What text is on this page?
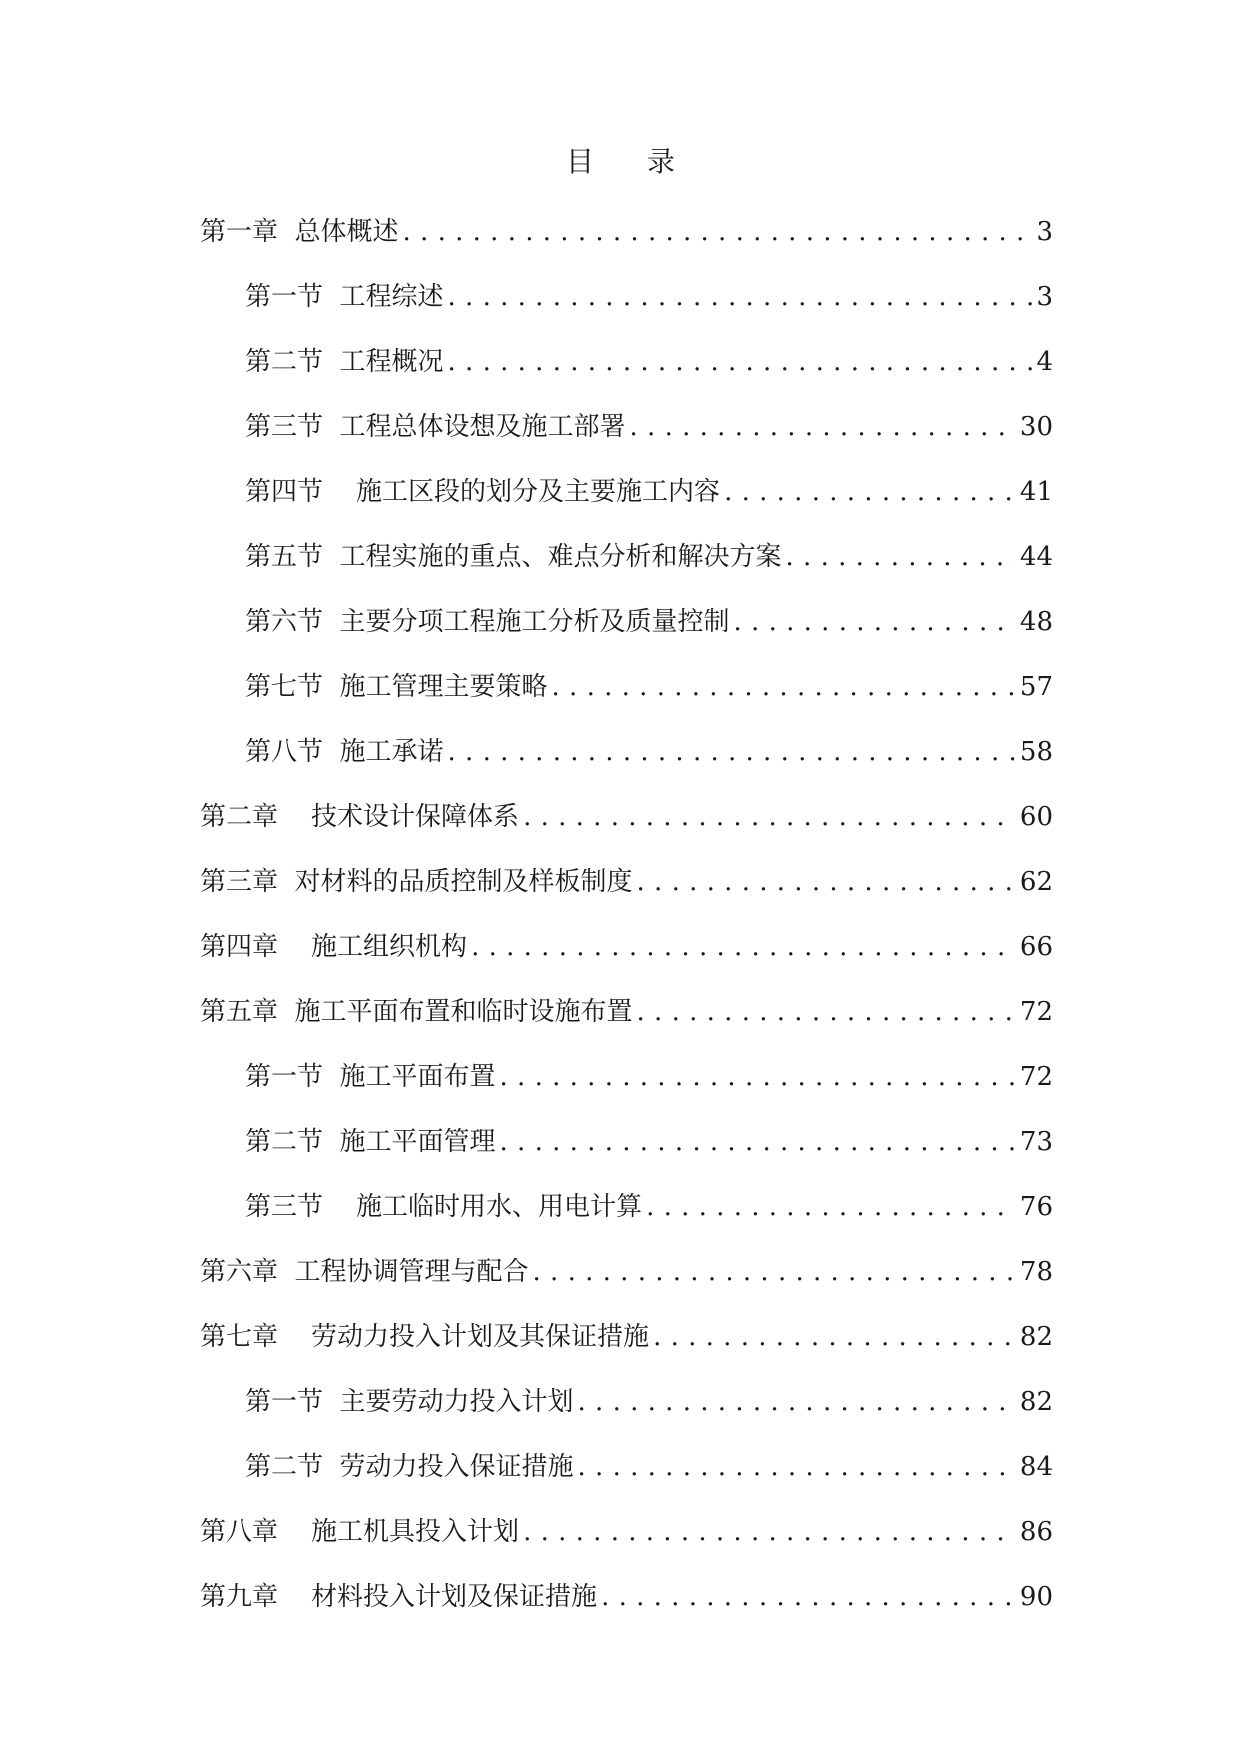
目 录
第一章  总体概述 . . .	3
第一节  工程综述 . . .	3
第二节  工程概况 . . .	4
第三节  工程总体设想及施工部署 . . .	30
第四节    施工区段的划分及主要施工内容 . . .	41
第五节  工程实施的重点、难点分析和解决方案 . . .	44
第六节  主要分项工程施工分析及质量控制 . . .	48
第七节  施工管理主要策略 . . .	57
第八节  施工承诺 . . .	58
第二章    技术设计保障体系 . . .	60
第三章  对材料的品质控制及样板制度 . . .	62
第四章    施工组织机构 . . .	66
第五章  施工平面布置和临时设施布置 . . .	72
第一节  施工平面布置 . . .	72
第二节  施工平面管理 . . .	73
第三节    施工临时用水、用电计算 . . .	76
第六章  工程协调管理与配合 . . .	78
第七章    劳动力投入计划及其保证措施 . . .	82
第一节  主要劳动力投入计划 . . .	82
第二节  劳动力投入保证措施 . . .	84
第八章    施工机具投入计划 . . .	86
第九章    材料投入计划及保证措施 . . .	90
